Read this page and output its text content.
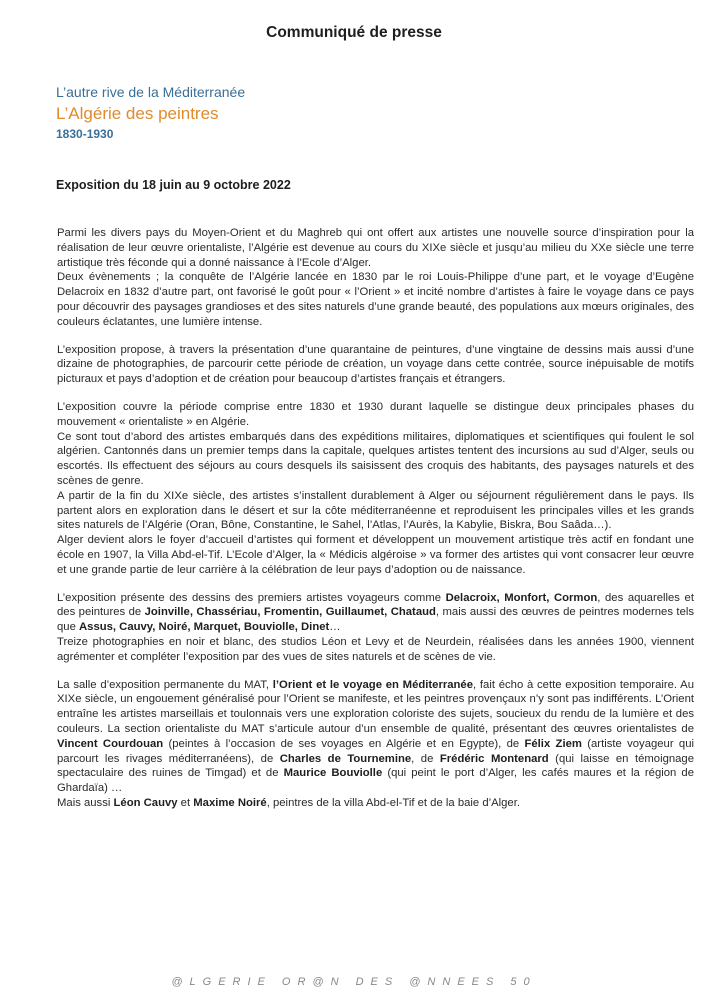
Communiqué de presse
L’autre rive de la Méditerranée
L’Algérie des peintres
1830-1930
Exposition du 18 juin au 9 octobre 2022

Parmi les divers pays du Moyen-Orient et du Maghreb qui ont offert aux artistes une nouvelle source d’inspiration pour la réalisation de leur œuvre orientaliste, l’Algérie est devenue au cours du XIXe siècle et jusqu’au milieu du XXe siècle une terre artistique très féconde qui a donné naissance à l’Ecole d’Alger.

Deux évènements ; la conquête de l’Algérie lancée en 1830 par le roi Louis-Philippe d’une part, et le voyage d’Eugène Delacroix en 1832 d’autre part, ont favorisé le goût pour « l’Orient » et incité nombre d’artistes à faire le voyage dans ce pays pour découvrir des paysages grandioses et des sites naturels d’une grande beauté, des populations aux mœurs originales, des couleurs éclatantes, une lumière intense.

L’exposition propose, à travers la présentation d’une quarantaine de peintures, d’une vingtaine de dessins mais aussi d’une dizaine de photographies, de parcourir cette période de création, un voyage dans cette contrée, source inépuisable de motifs picturaux et pays d’adoption et de création pour beaucoup d’artistes français et étrangers.

L’exposition couvre la période comprise entre 1830 et 1930 durant laquelle se distingue deux principales phases du mouvement « orientaliste » en Algérie.

Ce sont tout d’abord des artistes embarqués dans des expéditions militaires, diplomatiques et scientifiques qui foulent le sol algérien. Cantonnés dans un premier temps dans la capitale, quelques artistes tentent des incursions au sud d’Alger, seuls ou escortés. Ils effectuent des séjours au cours desquels ils saisissent des croquis des habitants, des paysages naturels et des scènes de genre.

A partir de la fin du XIXe siècle, des artistes s’installent durablement à Alger ou séjournent régulièrement dans le pays. Ils partent alors en exploration dans le désert et sur la côte méditerranéenne et reproduisent les principales villes et les grands sites naturels de l’Algérie (Oran, Bône, Constantine, le Sahel, l’Atlas, l’Aurès, la Kabylie, Biskra, Bou Saâda…).

Alger devient alors le foyer d’accueil d’artistes qui forment et développent un mouvement artistique très actif en fondant une école en 1907, la Villa Abd-el-Tif. L’Ecole d’Alger, la « Médicis algéroise » va former des artistes qui vont consacrer leur œuvre et une grande partie de leur carrière à la célébration de leur pays d’adoption ou de naissance.

L’exposition présente des dessins des premiers artistes voyageurs comme Delacroix, Monfort, Cormon, des aquarelles et des peintures de Joinville, Chassériau, Fromentin, Guillaumet, Chataud, mais aussi des œuvres de peintres modernes tels que Assus, Cauvy, Noiré, Marquet, Bouviolle, Dinet…

Treize photographies en noir et blanc, des studios Léon et Levy et de Neurdein, réalisées dans les années 1900, viennent agrémenter et compléter l’exposition par des vues de sites naturels et de scènes de vie.

La salle d’exposition permanente du MAT, l’Orient et le voyage en Méditerranée, fait écho à cette exposition temporaire. Au XIXe siècle, un engouement généralisé pour l’Orient se manifeste, et les peintres provençaux n’y sont pas indifférents. L’Orient entraîne les artistes marseillais et toulonnais vers une exploration coloriste des sujets, soucieux du rendu de la lumière et des couleurs. La section orientaliste du MAT s’articule autour d’un ensemble de qualité, présentant des œuvres orientalistes de Vincent Courdouan (peintes à l’occasion de ses voyages en Algérie et en Egypte), de Félix Ziem (artiste voyageur qui parcourt les rivages méditerranéens), de Charles de Tournemine, de Frédéric Montenard (qui laisse en témoignage spectaculaire des ruines de Timgad) et de Maurice Bouviolle (qui peint le port d’Alger, les cafés maures et la région de Ghardaïa) …

Mais aussi Léon Cauvy et Maxime Noiré, peintres de la villa Abd-el-Tif et de la baie d’Alger.

@LGERIE OR@N DES @NNEES 50
